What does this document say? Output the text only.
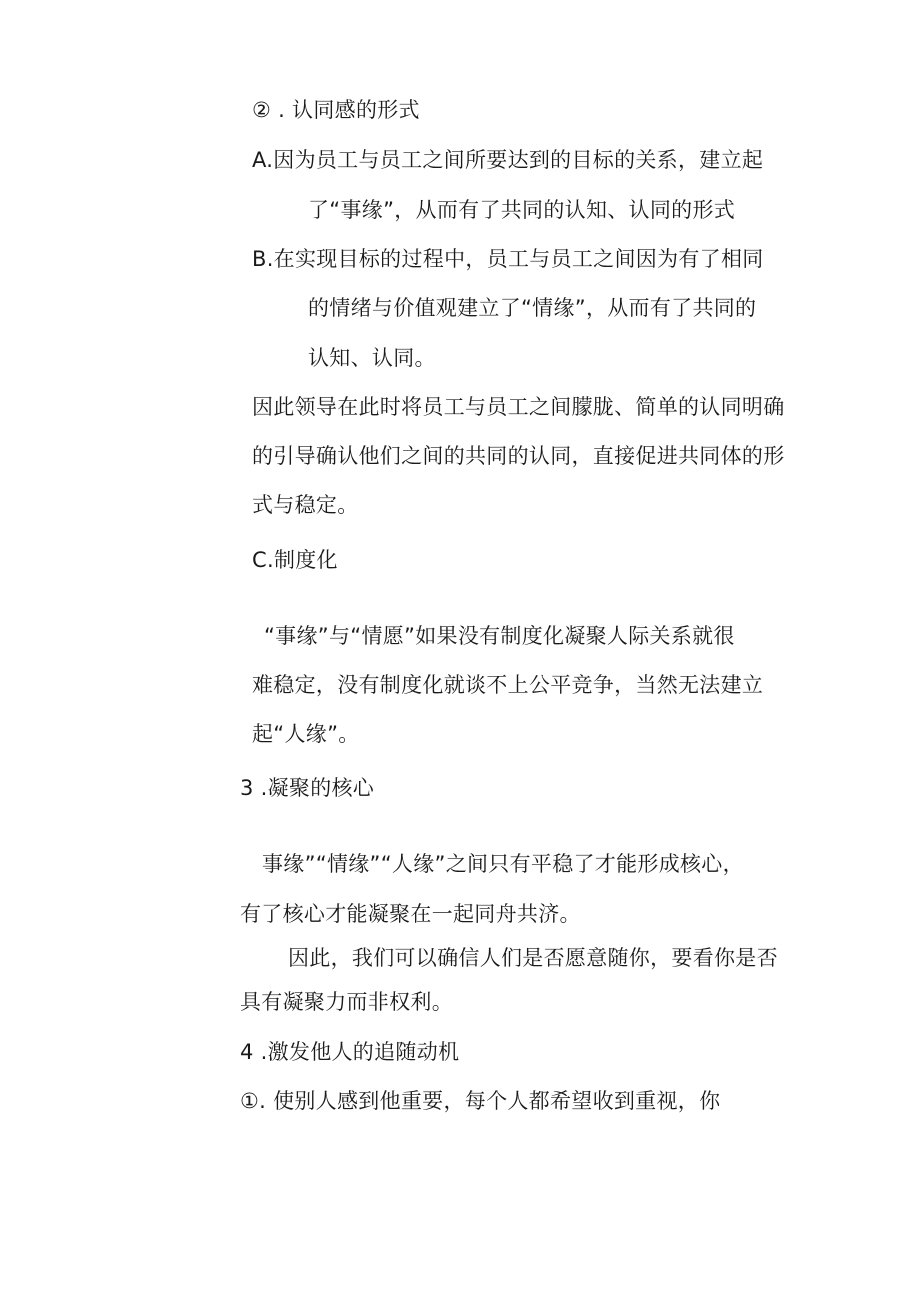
② . 认同感的形式
A.因为员工与员工之间所要达到的目标的关系，建立起
了“事缘”，从而有了共同的认知、认同的形式
B.在实现目标的过程中，员工与员工之间因为有了相同
的情绪与价值观建立了“情缘”，从而有了共同的
认知、认同。
因此领导在此时将员工与员工之间朦胧、简单的认同明确
的引导确认他们之间的共同的认同，直接促进共同体的形
式与稳定。
C.制度化
“事缘”与“情愿”如果没有制度化凝聚人际关系就很
难稳定，没有制度化就谈不上公平竞争，当然无法建立
起“人缘”。
3 .凝聚的核心
事缘”“情缘”“人缘”之间只有平稳了才能形成核心，
有了核心才能凝聚在一起同舟共济。
因此，我们可以确信人们是否愿意随你，要看你是否
具有凝聚力而非权利。
4 .激发他人的追随动机
①. 使别人感到他重要，每个人都希望收到重视，你
